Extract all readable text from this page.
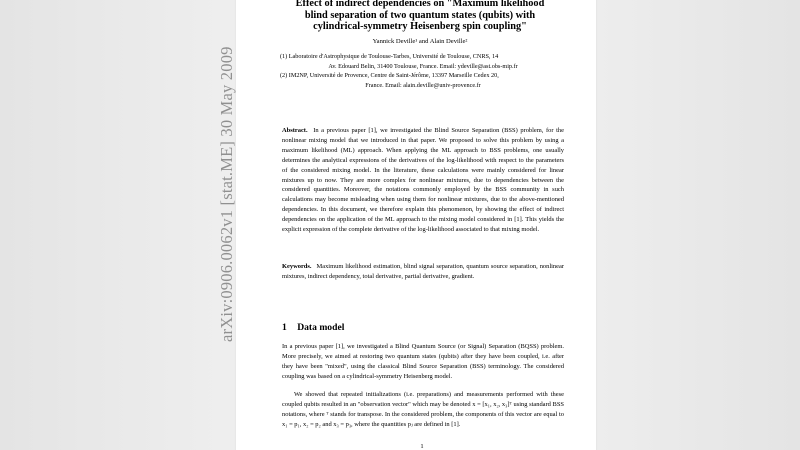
arXiv:0906.0062v1 [stat.ME] 30 May 2009
Effect of indirect dependencies on "Maximum likelihood
blind separation of two quantum states (qubits) with
cylindrical-symmetry Heisenberg spin coupling"
Yannick Deville¹ and Alain Deville²
(1) Laboratoire d'Astrophysique de Toulouse-Tarbes, Université de Toulouse, CNRS, 14
Av. Edouard Belin, 31400 Toulouse, France. Email: ydeville@ast.obs-mip.fr
(2) IM2NP, Université de Provence, Centre de Saint-Jérôme, 13397 Marseille Cedex 20,
France. Email: alain.deville@univ-provence.fr
Abstract. In a previous paper [1], we investigated the Blind Source Separation (BSS) problem, for the nonlinear mixing model that we introduced in that paper. We proposed to solve this problem by using a maximum likelihood (ML) approach. When applying the ML approach to BSS problems, one usually determines the analytical expressions of the derivatives of the log-likelihood with respect to the parameters of the considered mixing model. In the literature, these calculations were mainly considered for linear mixtures up to now. They are more complex for nonlinear mixtures, due to dependencies between the considered quantities. Moreover, the notations commonly employed by the BSS community in such calculations may become misleading when using them for nonlinear mixtures, due to the above-mentioned dependencies. In this document, we therefore explain this phenomenon, by showing the effect of indirect dependencies on the application of the ML approach to the mixing model considered in [1]. This yields the explicit expression of the complete derivative of the log-likelihood associated to that mixing model.
Keywords. Maximum likelihood estimation, blind signal separation, quantum source separation, nonlinear mixtures, indirect dependency, total derivative, partial derivative, gradient.
1 Data model
In a previous paper [1], we investigated a Blind Quantum Source (or Signal) Separation (BQSS) problem. More precisely, we aimed at restoring two quantum states (qubits) after they have been coupled, i.e. after they have been "mixed", using the classical Blind Source Separation (BSS) terminology. The considered coupling was based on a cylindrical-symmetry Heisenberg model.
We showed that repeated initializations (i.e. preparations) and measurements performed with these coupled qubits resulted in an "observation vector" which may be denoted x = [x₁, x₂, x₃]ᵀ using standard BSS notations, where ᵀ stands for transpose. In the considered problem, the components of this vector are equal to x₁ = p₁, x₂ = p₂ and x₃ = p₃, where the quantities pⱼ are defined in [1].
1
